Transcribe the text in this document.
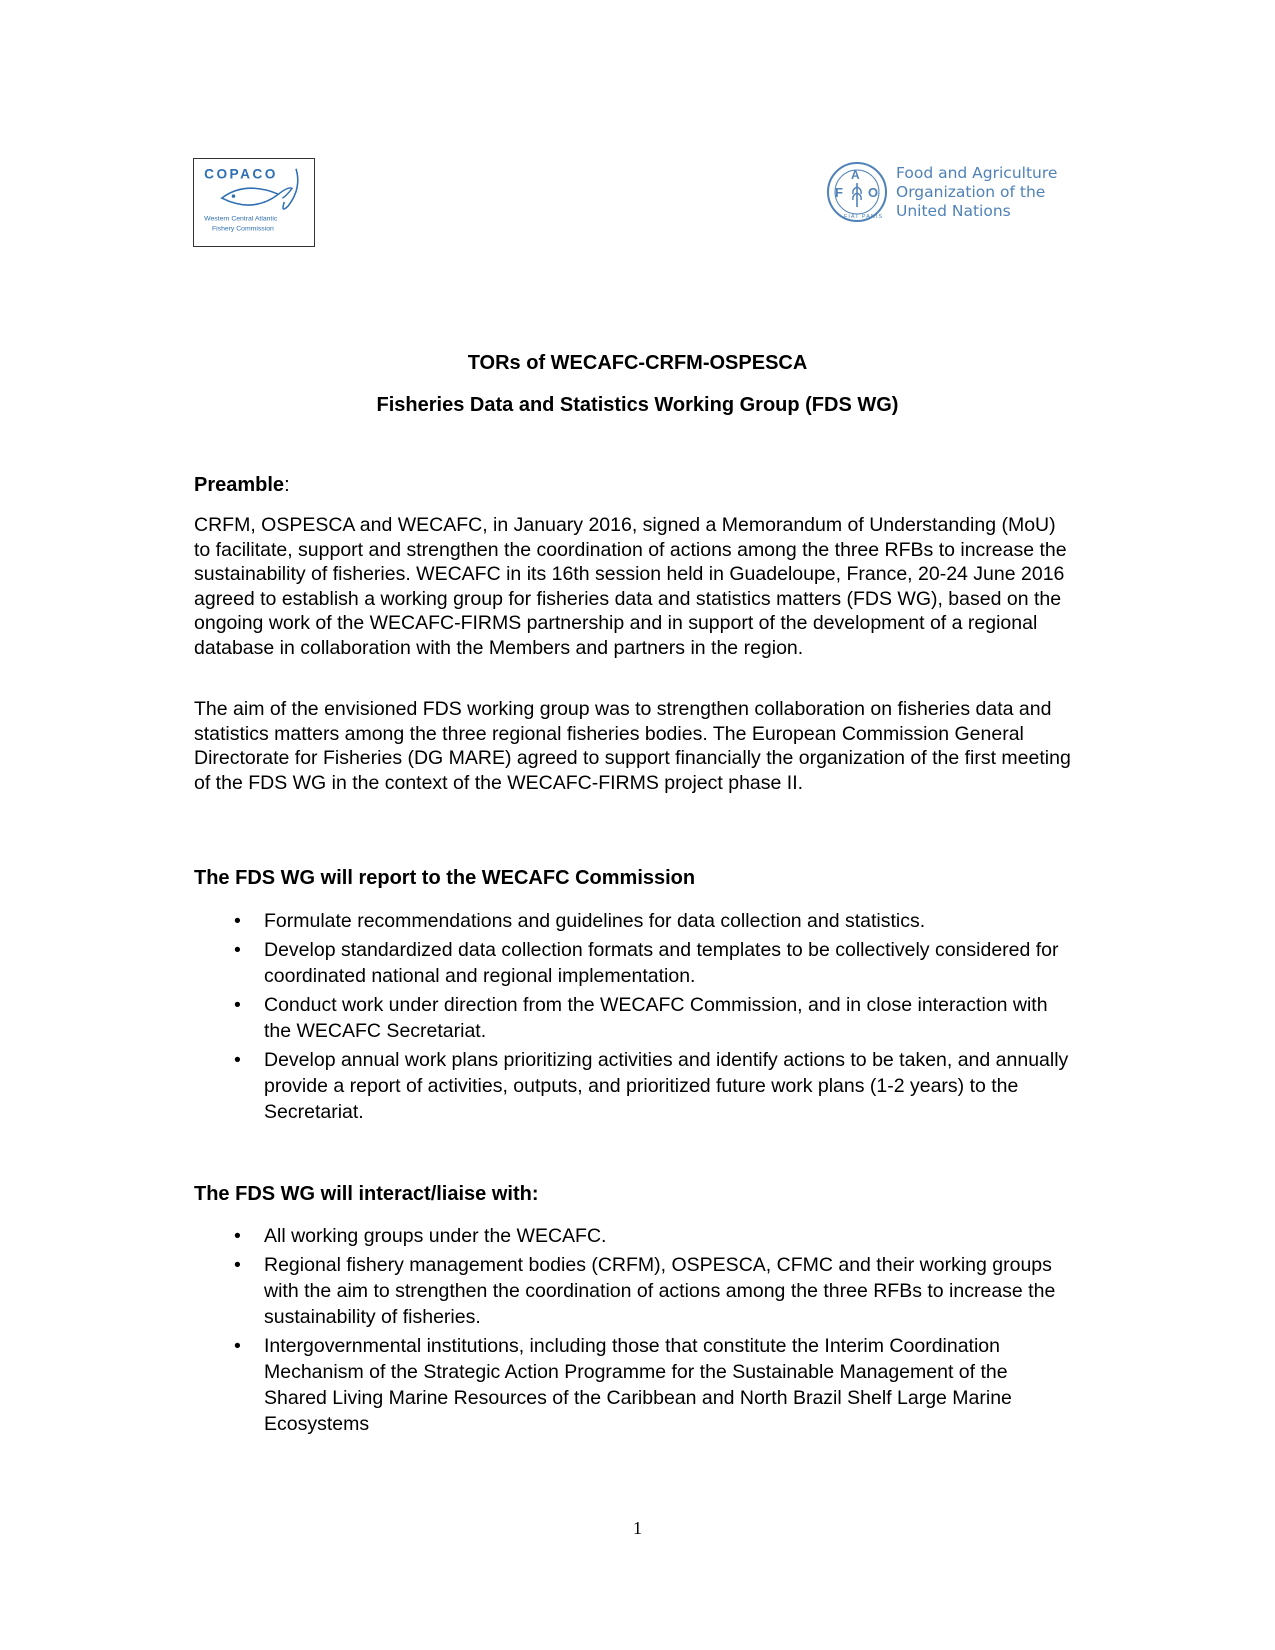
COPACO
Western Central Atlantic
Fishery Commission
F
A
O
FIAT PANIS
Food and Agriculture
Organization of the
United Nations
TORs of WECAFC-CRFM-OSPESCA
Fisheries Data and Statistics Working Group (FDS WG)
Preamble:

CRFM, OSPESCA and WECAFC, in January 2016, signed a Memorandum of Understanding (MoU) to facilitate, support and strengthen the coordination of actions among the three RFBs to increase the sustainability of fisheries. WECAFC in its 16th session held in Guadeloupe, France, 20-24 June 2016 agreed to establish a working group for fisheries data and statistics matters (FDS WG), based on the ongoing work of the WECAFC-FIRMS partnership and in support of the development of a regional database in collaboration with the Members and partners in the region.

The aim of the envisioned FDS working group was to strengthen collaboration on fisheries data and statistics matters among the three regional fisheries bodies. The European Commission General Directorate for Fisheries (DG MARE) agreed to support financially the organization of the first meeting of the FDS WG in the context of the WECAFC-FIRMS project phase II.

The FDS WG will report to the WECAFC Commission
• Formulate recommendations and guidelines for data collection and statistics.
• Develop standardized data collection formats and templates to be collectively considered for coordinated national and regional implementation.
• Conduct work under direction from the WECAFC Commission, and in close interaction with the WECAFC Secretariat.
• Develop annual work plans prioritizing activities and identify actions to be taken, and annually provide a report of activities, outputs, and prioritized future work plans (1-2 years) to the Secretariat.
The FDS WG will interact/liaise with:
• All working groups under the WECAFC.
• Regional fishery management bodies (CRFM), OSPESCA, CFMC and their working groups with the aim to strengthen the coordination of actions among the three RFBs to increase the sustainability of fisheries.
• Intergovernmental institutions, including those that constitute the Interim Coordination Mechanism of the Strategic Action Programme for the Sustainable Management of the Shared Living Marine Resources of the Caribbean and North Brazil Shelf Large Marine Ecosystems
1
